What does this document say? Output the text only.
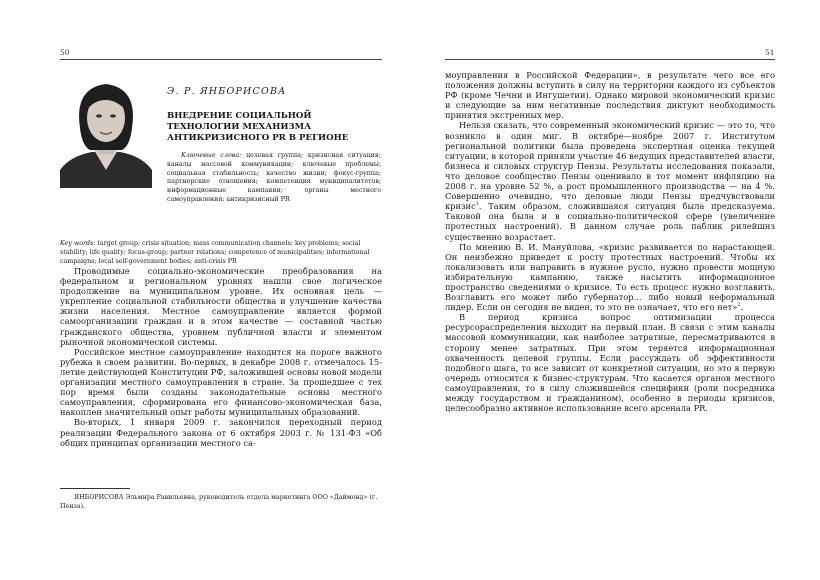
50
Э. Р. ЯНБОРИСОВА
ВНЕДРЕНИЕ СОЦИАЛЬНОЙ ТЕХНОЛОГИИ МЕХАНИЗМА АНТИКРИЗИСНОГО PR В РЕГИОНЕ
Ключевые слова: целевая группа; кризисная ситуация; каналы массовой коммуникации; ключевые проблемы; социальная стабильность; качество жизни; фокус-группа; партнерские отношения; компетенция муниципалитетов; информационные кампании; органы местного самоуправления; антикризисный PR
Key words: target group; crisis situation; mass communication channels; key problems; social stability; life quality; focus-group; partner relations; competence of municipalities; informational campaigns; local self-government bodies; anti-crisis PR

Проводимые социально-экономические преобразования на федеральном и региональном уровнях нашли свое логическое продолжение на муниципальном уровне. Их основная цель — укрепление социальной стабильности общества и улучшение качества жизни населения. Местное самоуправление является формой самоорганизации граждан и в этом качестве — составной частью гражданского общества, уровнем публичной власти и элементом рыночной экономической системы.

Российское местное самоуправление находится на пороге важного рубежа в своем развитии. Во-первых, в декабре 2008 г. отмечалось 15-летие действующей Конституции РФ, заложившей основы новой модели организации местного самоуправления в стране. За прошедшее с тех пор время были созданы законодательные основы местного самоуправления, сформирована его финансово-экономическая база, накоплен значительный опыт работы муниципальных образований.

Во-вторых, 1 января 2009 г. закончился переходный период реализации Федерального закона от 6 октября 2003 г. № 131-ФЗ «Об общих принципах организации местного са-

ЯНБОРИСОВА Эльмира Равильевна, руководитель отдела маркетинга ООО «Даймонд» (г. Пенза).
51

моуправления в Российской Федерации», в результате чего все его положения должны вступить в силу на территории каждого из субъектов РФ (кроме Чечни и Ингушетии). Однако мировой экономический кризис и следующие за ним негативные последствия диктуют необходимость принятия экстренных мер.

Нельзя сказать, что современный экономический кризис — это то, что возникло в один миг. В октябре—ноябре 2007 г. Институтом региональной политики была проведена экспертная оценка текущей ситуации, в которой приняли участие 46 ведущих представителей власти, бизнеса и силовых структур Пензы. Результаты исследования показали, что деловое сообщество Пензы оценивало в тот момент инфляцию на 2008 г. на уровне 52 %, а рост промышленного производства — на 4 %. Совершенно очевидно, что деловые люди Пензы предчувствовали кризис$^1$. Таким образом, сложившаяся ситуация была предсказуема. Таковой она была и в социально-политической сфере (увеличение протестных настроений). В данном случае роль паблик рилейшнз существенно возрастает.

По мнению В. И. Мануйлова, «кризис развивается по нарастающей. Он неизбежно приведет к росту протестных настроений. Чтобы их локализовать или направить в нужное русло, нужно провести мощную избирательную кампанию, также насытить информационное пространство сведениями о кризисе. То есть процесс нужно возглавить. Возглавить его может либо губернатор... либо новый неформальный лидер. Если он сегодня не виден, то это не означает, что его нет»$^2$.

В период кризиса вопрос оптимизации процесса ресурсораспределения выходит на первый план. В связи с этим каналы массовой коммуникации, как наиболее затратные, пересматриваются в сторону менее затратных. При этом теряется информационная охваченность целевой группы. Если рассуждать об эффективности подобного шага, то все зависит от конкретной ситуации, но это в первую очередь относится к бизнес-структурам. Что касается органов местного самоуправления, то в силу сложившейся специфики (роли посредника между государством и гражданином), особенно в периоды кризисов, целесообразно активное использование всего арсенала PR.
